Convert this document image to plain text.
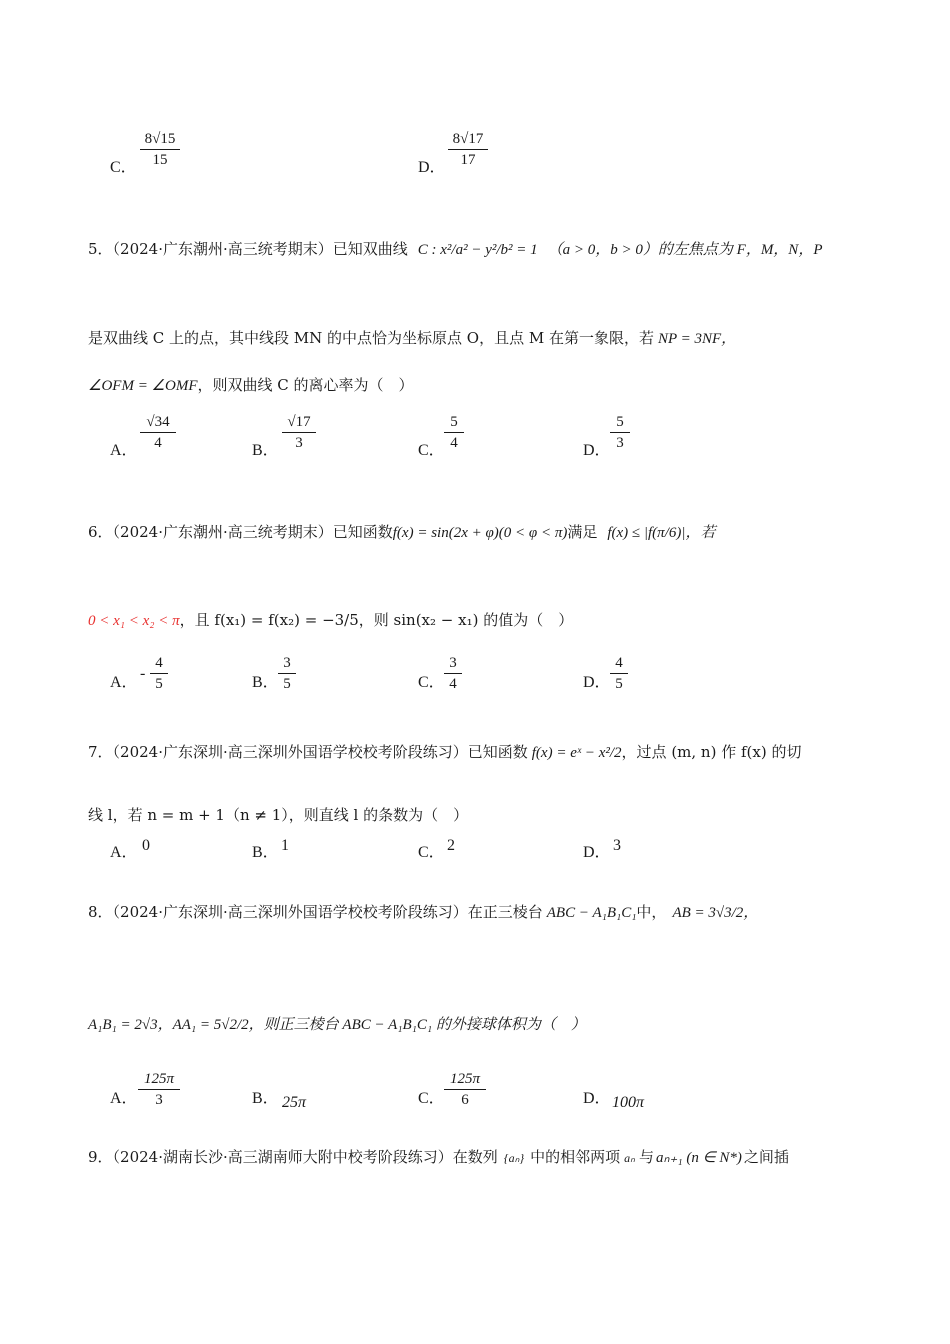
C． $\frac{8√15}{15}$	D． $\frac{8√17}{17}$
5．（2024·广东潮州·高三统考期末）已知双曲线 C : x²/a² − y²/b² = 1 （a > 0，b > 0）的左焦点为 F，M，N，P
是双曲线 C 上的点，其中线段 MN 的中点恰为坐标原点 O，且点 M 在第一象限，若 NP = 3NF，
∠OFM = ∠OMF，则双曲线 C 的离心率为（　）
A． $\frac{√34}{4}$	B． $\frac{√17}{3}$	C． $\frac{5}{4}$	D． $\frac{5}{3}$
6．（2024·广东潮州·高三统考期末）已知函数f(x) = sin(2x + φ)(0 < φ < π)满足 f(x) ≤ |f(π/6)|，若
0 < x₁ < x₂ < π，且 f(x₁) = f(x₂) = −3/5，则 sin(x₂ − x₁) 的值为（　）
A．
- $\frac{4}{5}$	B． $\frac{3}{5}$	C． $\frac{3}{4}$	D． $\frac{4}{5}$
7．（2024·广东深圳·高三深圳外国语学校校考阶段练习）已知函数 f(x) = eˣ − x²/2，过点 (m, n) 作 f(x) 的切
线 l，若 n = m + 1（n ≠ 1），则直线 l 的条数为（　）
A． 0	B． 1	C． 2	D． 3
8．（2024·广东深圳·高三深圳外国语学校校考阶段练习）在正三棱台 ABC − A₁B₁C₁中， AB = 3√3/2，
A₁B₁ = 2√3，AA₁ = 5√2/2，则正三棱台 ABC − A₁B₁C₁ 的外接球体积为（　）
A． $\frac{125\pi}{3}$	B． 25π	C． $\frac{125\pi}{6}$	D． 100π
9．（2024·湖南长沙·高三湖南师大附中校考阶段练习）在数列 {aₙ} 中的相邻两项 aₙ 与 aₙ₊₁ (n ∈ N*) 之间插
